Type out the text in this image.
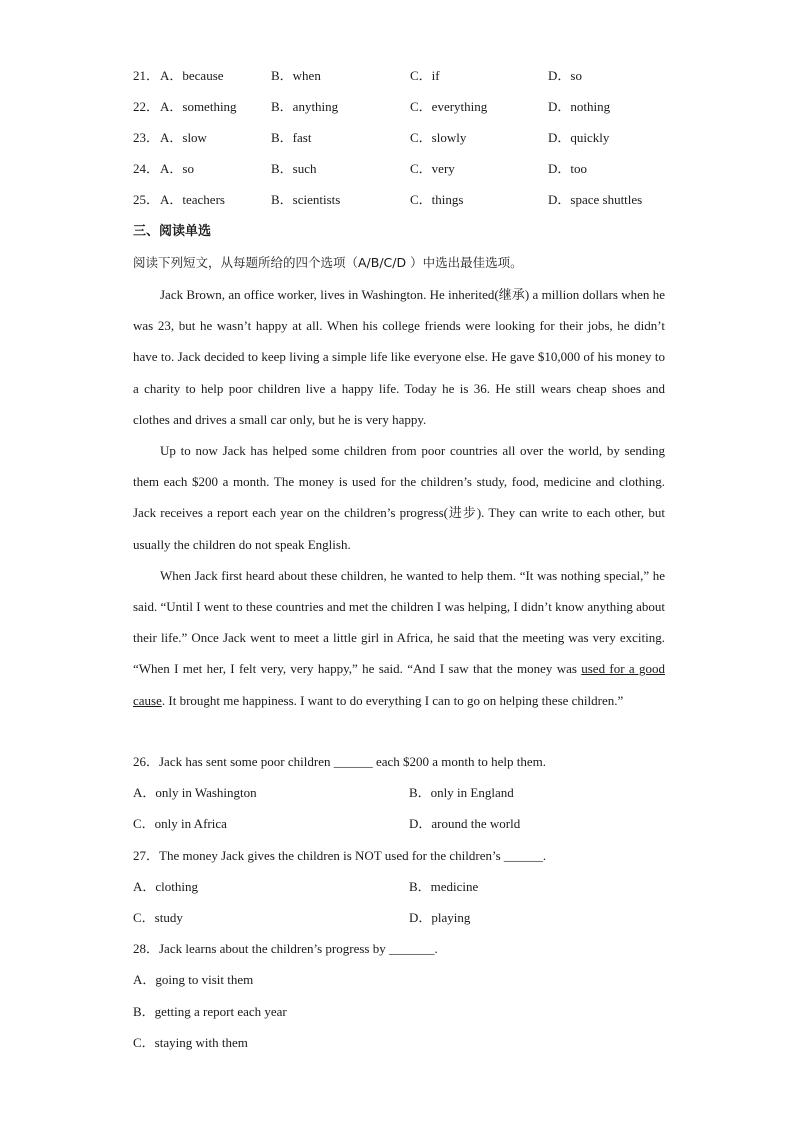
21． A．because	B．when	C．if	D．so
22． A．something	B．anything	C．everything	D．nothing
23． A．slow	B．fast	C．slowly	D．quickly
24． A．so	B．such	C．very	D．too
25． A．teachers	B．scientists	C．things	D．space shuttles
三、阅读单选
阅读下列短文，从每题所给的四个选项（A/B/C/D ）中选出最佳选项。

Jack Brown, an office worker, lives in Washington. He inherited(继承) a million dollars when he was 23, but he wasn’t happy at all. When his college friends were looking for their jobs, he didn’t have to. Jack decided to keep living a simple life like everyone else. He gave $10,000 of his money to a charity to help poor children live a happy life. Today he is 36. He still wears cheap shoes and clothes and drives a small car only, but he is very happy.

Up to now Jack has helped some children from poor countries all over the world, by sending them each $200 a month. The money is used for the children’s study, food, medicine and clothing. Jack receives a report each year on the children’s progress(进步). They can write to each other, but usually the children do not speak English.

When Jack first heard about these children, he wanted to help them. “It was nothing special,” he said. “Until I went to these countries and met the children I was helping, I didn’t know anything about their life.” Once Jack went to meet a little girl in Africa, he said that the meeting was very exciting. “When I met her, I felt very, very happy,” he said. “And I saw that the money was used for a good cause. It brought me happiness. I want to do everything I can to go on helping these children.”

26．Jack has sent some poor children ______ each $200 a month to help them.
A．only in Washington	B．only in England
C．only in Africa	D．around the world
27．The money Jack gives the children is NOT used for the children’s ______.
A．clothing	B．medicine
C．study	D．playing
28．Jack learns about the children’s progress by _______.
A．going to visit them
B．getting a report each year
C．staying with them
